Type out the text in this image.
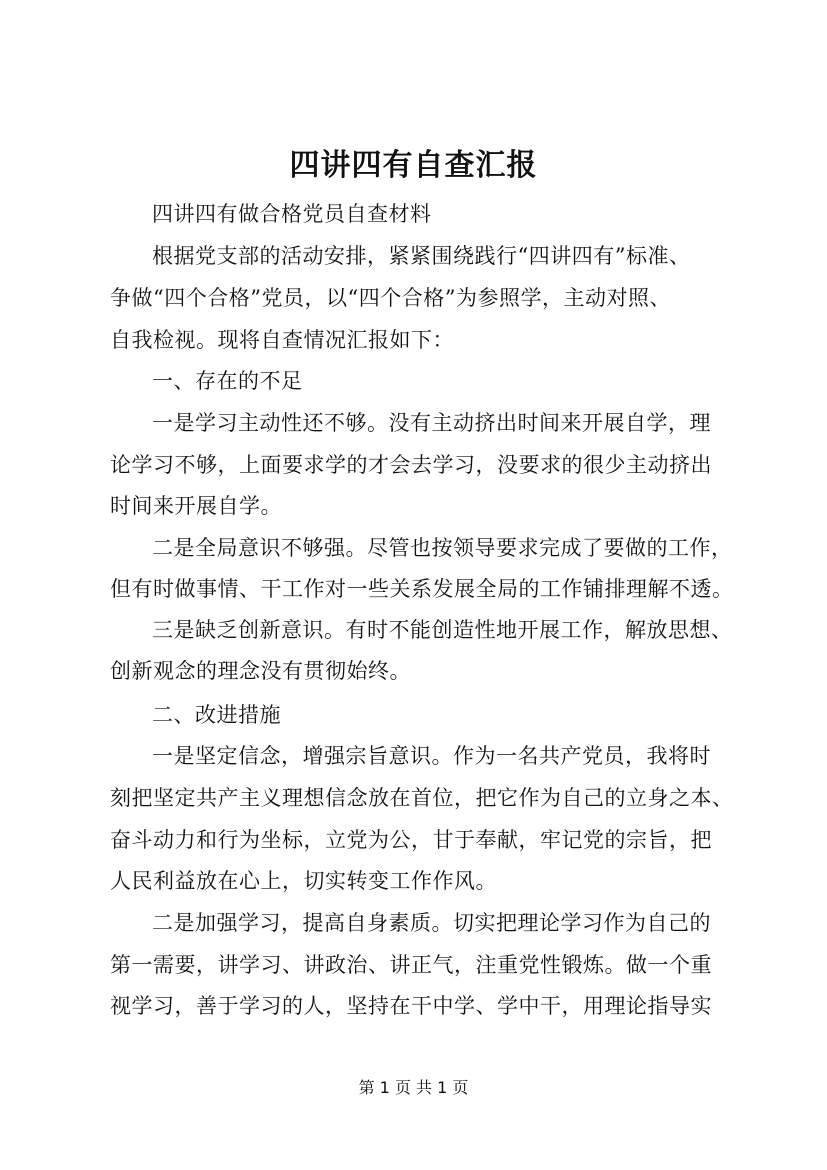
四讲四有自查汇报
四讲四有做合格党员自查材料
根据党支部的活动安排，紧紧围绕践行“四讲四有”标准、
争做“四个合格”党员，以“四个合格”为参照学，主动对照、
自我检视。现将自查情况汇报如下：
一、存在的不足
一是学习主动性还不够。没有主动挤出时间来开展自学，理
论学习不够，上面要求学的才会去学习，没要求的很少主动挤出
时间来开展自学。
二是全局意识不够强。尽管也按领导要求完成了要做的工作，
但有时做事情、干工作对一些关系发展全局的工作铺排理解不透。
三是缺乏创新意识。有时不能创造性地开展工作，解放思想、
创新观念的理念没有贯彻始终。
二、改进措施
一是坚定信念，增强宗旨意识。作为一名共产党员，我将时
刻把坚定共产主义理想信念放在首位，把它作为自己的立身之本、
奋斗动力和行为坐标，立党为公，甘于奉献，牢记党的宗旨，把
人民利益放在心上，切实转变工作作风。
二是加强学习，提高自身素质。切实把理论学习作为自己的
第一需要，讲学习、讲政治、讲正气，注重党性锻炼。做一个重
视学习，善于学习的人，坚持在干中学、学中干，用理论指导实
第 1 页 共 1 页
